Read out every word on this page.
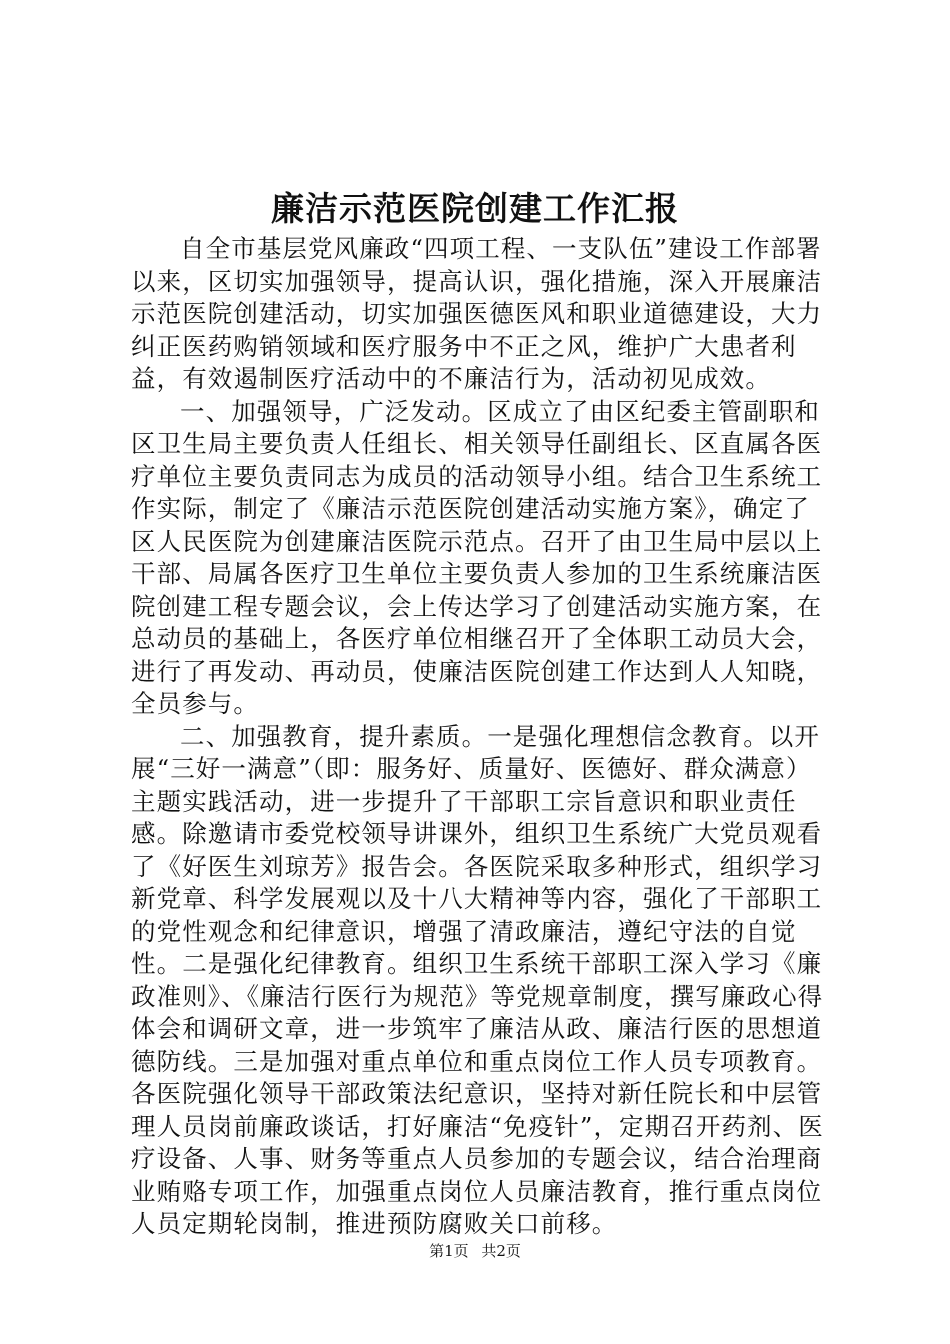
廉洁示范医院创建工作汇报

自全市基层党风廉政“四项工程、一支队伍”建设工作部署以来，区切实加强领导，提高认识，强化措施，深入开展廉洁示范医院创建活动，切实加强医德医风和职业道德建设，大力纠正医药购销领域和医疗服务中不正之风，维护广大患者利益，有效遏制医疗活动中的不廉洁行为，活动初见成效。

一、加强领导，广泛发动。区成立了由区纪委主管副职和区卫生局主要负责人任组长、相关领导任副组长、区直属各医疗单位主要负责同志为成员的活动领导小组。结合卫生系统工作实际，制定了《廉洁示范医院创建活动实施方案》，确定了区人民医院为创建廉洁医院示范点。召开了由卫生局中层以上干部、局属各医疗卫生单位主要负责人参加的卫生系统廉洁医院创建工程专题会议，会上传达学习了创建活动实施方案，在总动员的基础上，各医疗单位相继召开了全体职工动员大会，进行了再发动、再动员，使廉洁医院创建工作达到人人知晓，全员参与。

二、加强教育，提升素质。一是强化理想信念教育。以开展“三好一满意”（即：服务好、质量好、医德好、群众满意）主题实践活动，进一步提升了干部职工宗旨意识和职业责任感。除邀请市委党校领导讲课外，组织卫生系统广大党员观看了《好医生刘琼芳》报告会。各医院采取多种形式，组织学习新党章、科学发展观以及十八大精神等内容，强化了干部职工的党性观念和纪律意识，增强了清政廉洁，遵纪守法的自觉性。二是强化纪律教育。组织卫生系统干部职工深入学习《廉政准则》、《廉洁行医行为规范》等党规章制度，撰写廉政心得体会和调研文章，进一步筑牢了廉洁从政、廉洁行医的思想道德防线。三是加强对重点单位和重点岗位工作人员专项教育。各医院强化领导干部政策法纪意识，坚持对新任院长和中层管理人员岗前廉政谈话，打好廉洁“免疫针”，定期召开药剂、医疗设备、人事、财务等重点人员参加的专题会议，结合治理商业贿赂专项工作，加强重点岗位人员廉洁教育，推行重点岗位人员定期轮岗制，推进预防腐败关口前移。

第1页 共2页
